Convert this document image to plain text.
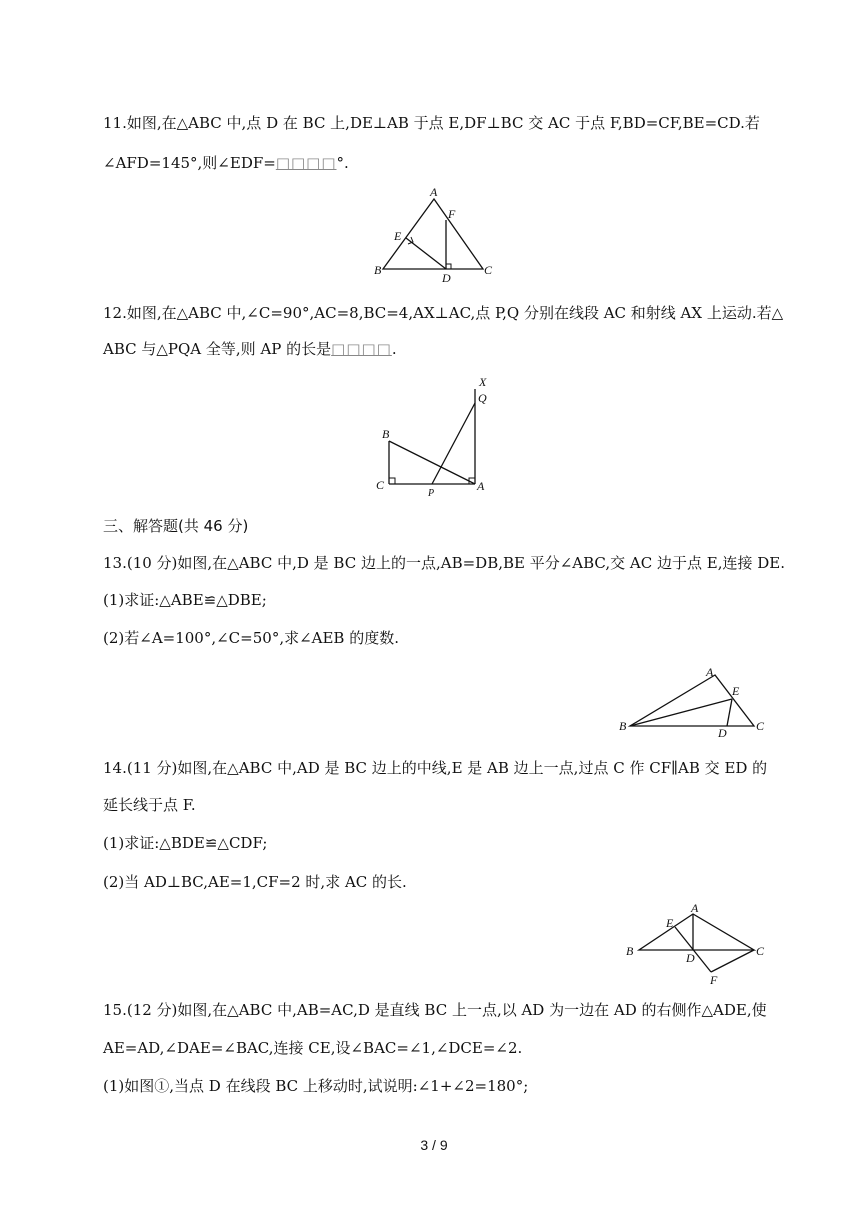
11.如图,在△ABC 中,点 D 在 BC 上,DE⊥AB 于点 E,DF⊥BC 交 AC 于点 F,BD=CF,BE=CD.若
∠AFD=145°,则∠EDF=□□□□°.
A
F
E
B
D
C
12.如图,在△ABC 中,∠C=90°,AC=8,BC=4,AX⊥AC,点 P,Q 分别在线段 AC 和射线 AX 上运动.若△
ABC 与△PQA 全等,则 AP 的长是□□□□.
X
Q
B
C
P
A
三、解答题(共 46 分)
13.(10 分)如图,在△ABC 中,D 是 BC 边上的一点,AB=DB,BE 平分∠ABC,交 AC 边于点 E,连接 DE.
(1)求证:△ABE≌△DBE;
(2)若∠A=100°,∠C=50°,求∠AEB 的度数.
A
E
B	D C
14.(11 分)如图,在△ABC 中,AD 是 BC 边上的中线,E 是 AB 边上一点,过点 C 作 CF∥AB 交 ED 的
延长线于点 F.
(1)求证:△BDE≌△CDF;
(2)当 AD⊥BC,AE=1,CF=2 时,求 AC 的长.
A
E
B	D	C
F
15.(12 分)如图,在△ABC 中,AB=AC,D 是直线 BC 上一点,以 AD 为一边在 AD 的右侧作△ADE,使
AE=AD,∠DAE=∠BAC,连接 CE,设∠BAC=∠1,∠DCE=∠2.
(1)如图①,当点 D 在线段 BC 上移动时,试说明:∠1+∠2=180°;
3 / 9
